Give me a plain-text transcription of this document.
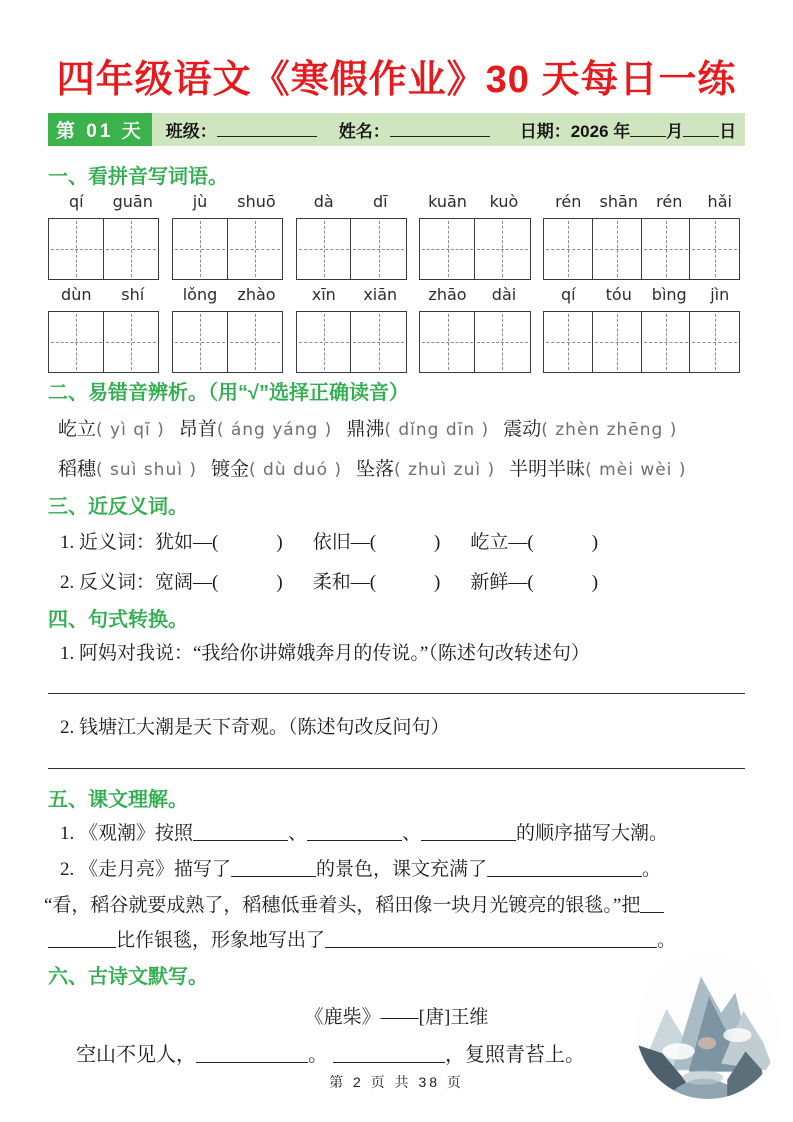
四年级语文《寒假作业》30 天每日一练
第 01 天	班级：	姓名：	日期：2026 年 月 日
一、看拼音写词语。
qí	guān	jù	shuō	dà	dī	kuān	kuò	rén	shān	rén	hǎi
dùn	shí	lǒng	zhào	xīn	xiān	zhāo	dài	qí	tóu	bìng	jìn
二、易错音辨析。（用“√”选择正确读音）
屹立 ( yì qī ) 昂首 ( áng yáng ) 鼎沸 ( dǐng dīn ) 震动 ( zhèn zhēng )
稻穗 ( suì shuì ) 镀金 ( dù duó ) 坠落 ( zhuì zuì ) 半明半昧 ( mèi wèi )
三、近反义词。
1. 近义词： 犹如— (	) 依旧— (	) 屹立— (	)
2. 反义词： 宽阔— (	) 柔和— (	) 新鲜— (	)
四、句式转换。
1. 阿妈对我说：“我给你讲嫦娥奔月的传说。”（陈述句改转述句）
2. 钱塘江大潮是天下奇观。（陈述句改反问句）
五、课文理解。
1. 《观潮》按照	、	、	的顺序描写大潮。
2. 《走月亮》描写了	的景色，课文充满了	。
“看，稻谷就要成熟了，稻穗低垂着头，稻田像一块月光镀亮的银毯。”把
比作银毯，形象地写出了	。
六、古诗文默写。
《鹿柴》——[唐]王维
空山不见人，	。	，复照青苔上。
第 2 页 共 38 页
